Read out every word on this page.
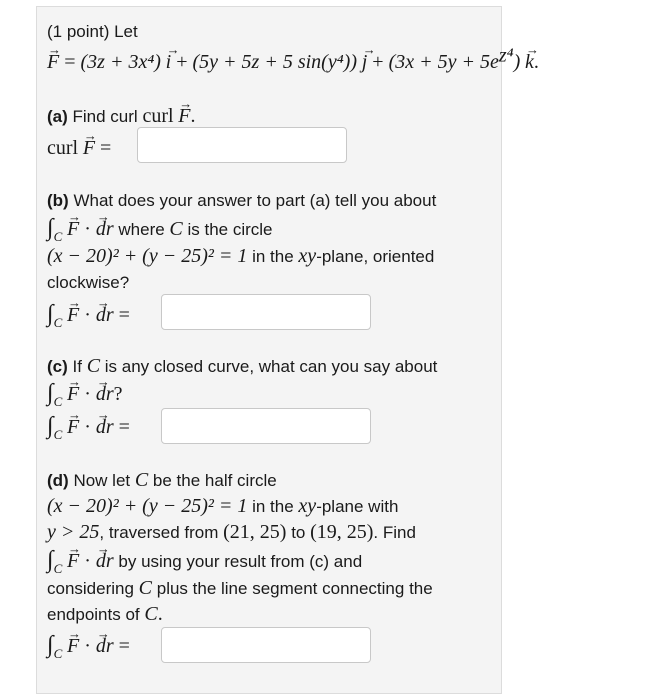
(1 point) Let
→ F = (3z + 3x⁴) → i + (5y + 5z + 5 $\sin(y^4)) \to j + (3x + 5y + 5e^{z^4}) \to k$.
(a) Find curl curl → F.
curl → F =
(b) What does your answer to part (a) tell you about
$\int_C \to F$ · → dr where C is the circle
(x − 20)² + (y − 25)² = 1 in the xy-plane, oriented
clockwise?
$\int_C \to F$ · → dr =
(c) If C is any closed curve, what can you say about
$\int_C \to F$ · → dr?
$\int_C \to F$ · → dr =
(d) Now let C be the half circle
(x − 20)² + (y − 25)² = 1 in the xy-plane with
y > 25, traversed from (21, 25) to (19, 25). Find
$\int_C \to F$ · → dr by using your result from (c) and
considering C plus the line segment connecting the
endpoints of C.
$\int_C \to F$ · → dr =
